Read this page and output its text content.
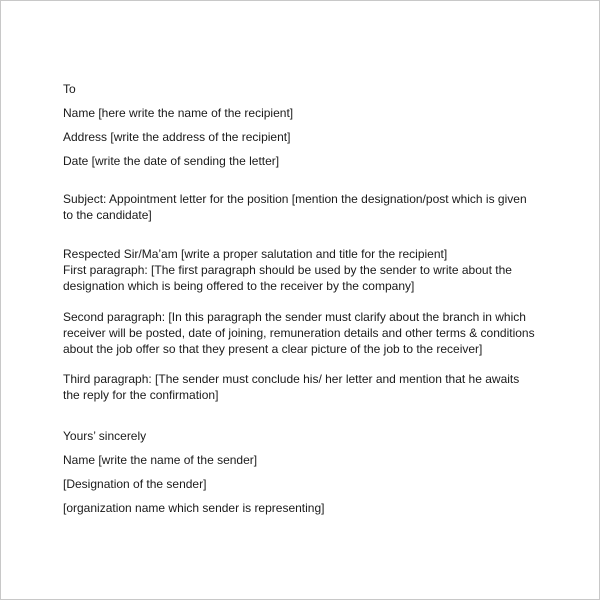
To
Name [here write the name of the recipient]
Address [write the address of the recipient]
Date [write the date of sending the letter]
Subject: Appointment letter for the position [mention the designation/post which is given
to the candidate]
Respected Sir/Ma’am [write a proper salutation and title for the recipient]
First paragraph: [The first paragraph should be used by the sender to write about the
designation which is being offered to the receiver by the company]
Second paragraph: [In this paragraph the sender must clarify about the branch in which
receiver will be posted, date of joining, remuneration details and other terms & conditions
about the job offer so that they present a clear picture of the job to the receiver]
Third paragraph: [The sender must conclude his/ her letter and mention that he awaits
the reply for the confirmation]
Yours’ sincerely
Name [write the name of the sender]
[Designation of the sender]
[organization name which sender is representing]
